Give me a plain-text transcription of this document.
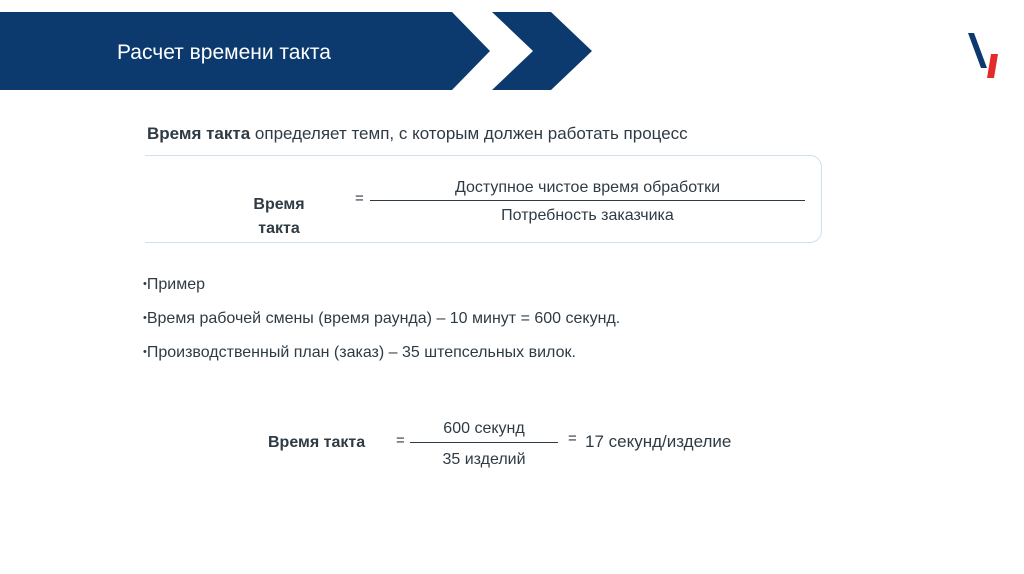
Расчет времени такта
Время такта определяет темп, с которым должен работать процесс
Время такта
=
Доступное чистое время обработки
Потребность заказчика
•Пример
•Время рабочей смены (время раунда) – 10 минут = 600 секунд.
•Производственный план (заказ) – 35 штепсельных вилок.
Время такта =
600 секунд
35 изделий
= 17 секунд/изделие
